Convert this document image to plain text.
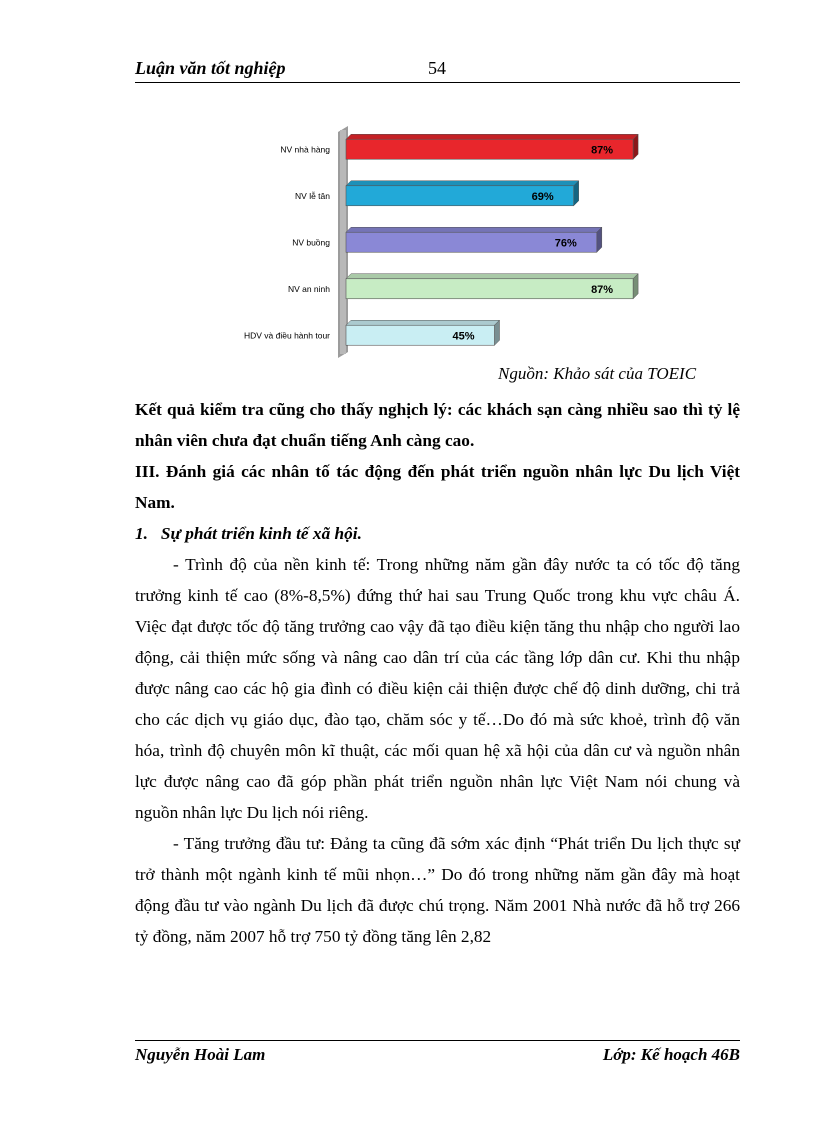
Luận văn tốt nghiệp	54
NV nhà hàng
NV lễ tân
NV buồng
NV an ninh
HDV và điều hành tour
87%
69%
76%
87%
45%
Nguồn: Khảo sát của TOEIC

Kết quả kiểm tra cũng cho thấy nghịch lý: các khách sạn càng nhiều sao thì tỷ lệ nhân viên chưa đạt chuẩn tiếng Anh càng cao.

III. Đánh giá các nhân tố tác động đến phát triển nguồn nhân lực Du lịch Việt Nam.

1.   Sự phát triển kinh tế xã hội.

- Trình độ của nền kinh tế: Trong những năm gần đây nước ta có tốc độ tăng trưởng kinh tế cao (8%-8,5%) đứng thứ hai sau Trung Quốc trong khu vực châu Á. Việc đạt được tốc độ tăng trưởng cao vậy đã tạo điều kiện tăng thu nhập cho người lao động, cải thiện mức sống và nâng cao dân trí của các tầng lớp dân cư. Khi thu nhập được nâng cao các hộ gia đình có điều kiện cải thiện được chế độ dinh dưỡng, chi trả cho các dịch vụ giáo dục, đào tạo, chăm sóc y tế…Do đó mà sức khoẻ, trình độ văn hóa, trình độ chuyên môn kĩ thuật, các mối quan hệ xã hội của dân cư và nguồn nhân lực được nâng cao đã góp phần phát triển nguồn nhân lực Việt Nam nói chung và nguồn nhân lực Du lịch nói riêng.

- Tăng trưởng đầu tư: Đảng ta cũng đã sớm xác định “Phát triển Du lịch thực sự trở thành một ngành kinh tế mũi nhọn…” Do đó trong những năm gần đây mà hoạt động đầu tư vào ngành Du lịch đã được chú trọng. Năm 2001 Nhà nước đã hỗ trợ 266 tỷ đồng, năm 2007 hỗ trợ 750 tỷ đồng tăng lên 2,82

Nguyễn Hoài Lam	Lớp: Kế hoạch 46B
